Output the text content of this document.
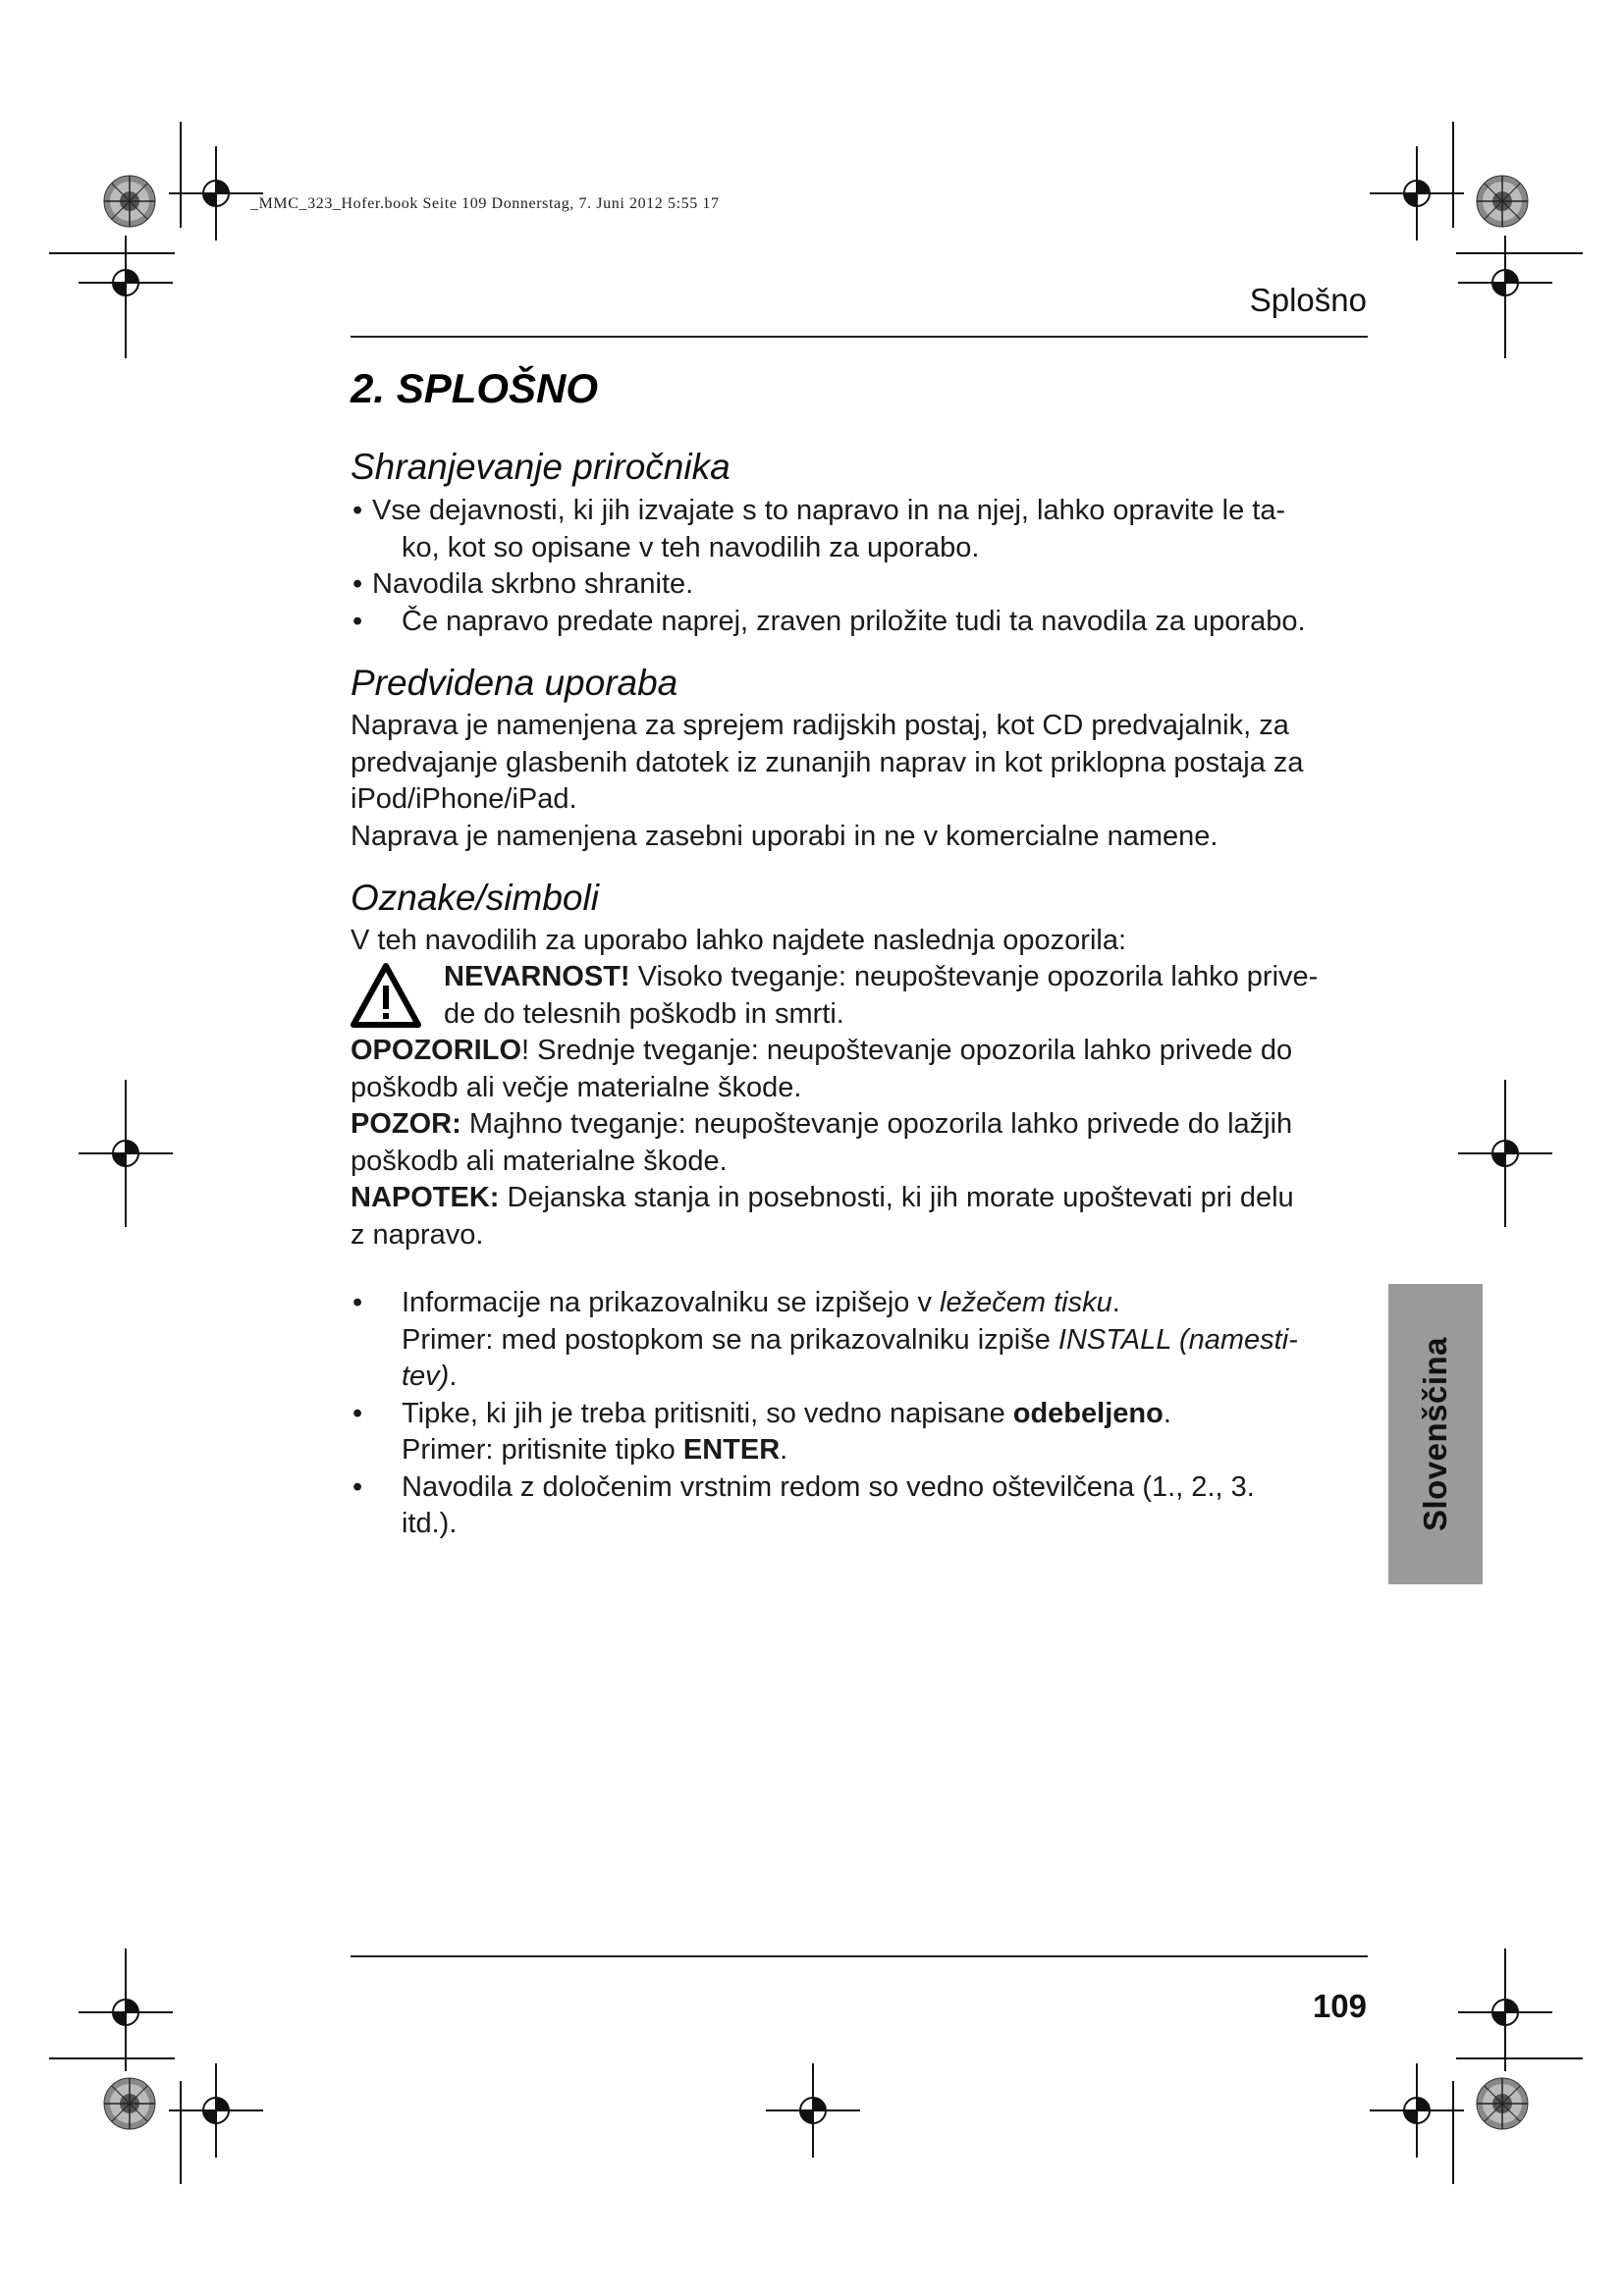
_MMC_323_Hofer.book Seite 109 Donnerstag, 7. Juni 2012 5:55 17
Splošno
2. SPLOŠNO
Shranjevanje priročnika
• Vse dejavnosti, ki jih izvajate s to napravo in na njej, lahko opravite le ta-
ko, kot so opisane v teh navodilih za uporabo.
• Navodila skrbno shranite.
• Če napravo predate naprej, zraven priložite tudi ta navodila za uporabo.
Predvidena uporaba
Naprava je namenjena za sprejem radijskih postaj, kot CD predvajalnik, za
predvajanje glasbenih datotek iz zunanjih naprav in kot priklopna postaja za
iPod/iPhone/iPad.
Naprava je namenjena zasebni uporabi in ne v komercialne namene.
Oznake/simboli
V teh navodilih za uporabo lahko najdete naslednja opozorila:
NEVARNOST! Visoko tveganje: neupoštevanje opozorila lahko prive-
de do telesnih poškodb in smrti.
OPOZORILO! Srednje tveganje: neupoštevanje opozorila lahko privede do
poškodb ali večje materialne škode.
POZOR: Majhno tveganje: neupoštevanje opozorila lahko privede do lažjih
poškodb ali materialne škode.
NAPOTEK: Dejanska stanja in posebnosti, ki jih morate upoštevati pri delu
z napravo.
• Informacije na prikazovalniku se izpišejo v ležečem tisku.
Primer: med postopkom se na prikazovalniku izpiše INSTALL (namesti-
tev).
• Tipke, ki jih je treba pritisniti, so vedno napisane odebeljeno.
Primer: pritisnite tipko ENTER.
• Navodila z določenim vrstnim redom so vedno oštevilčena (1., 2., 3.
itd.).	Slovenščina
109
